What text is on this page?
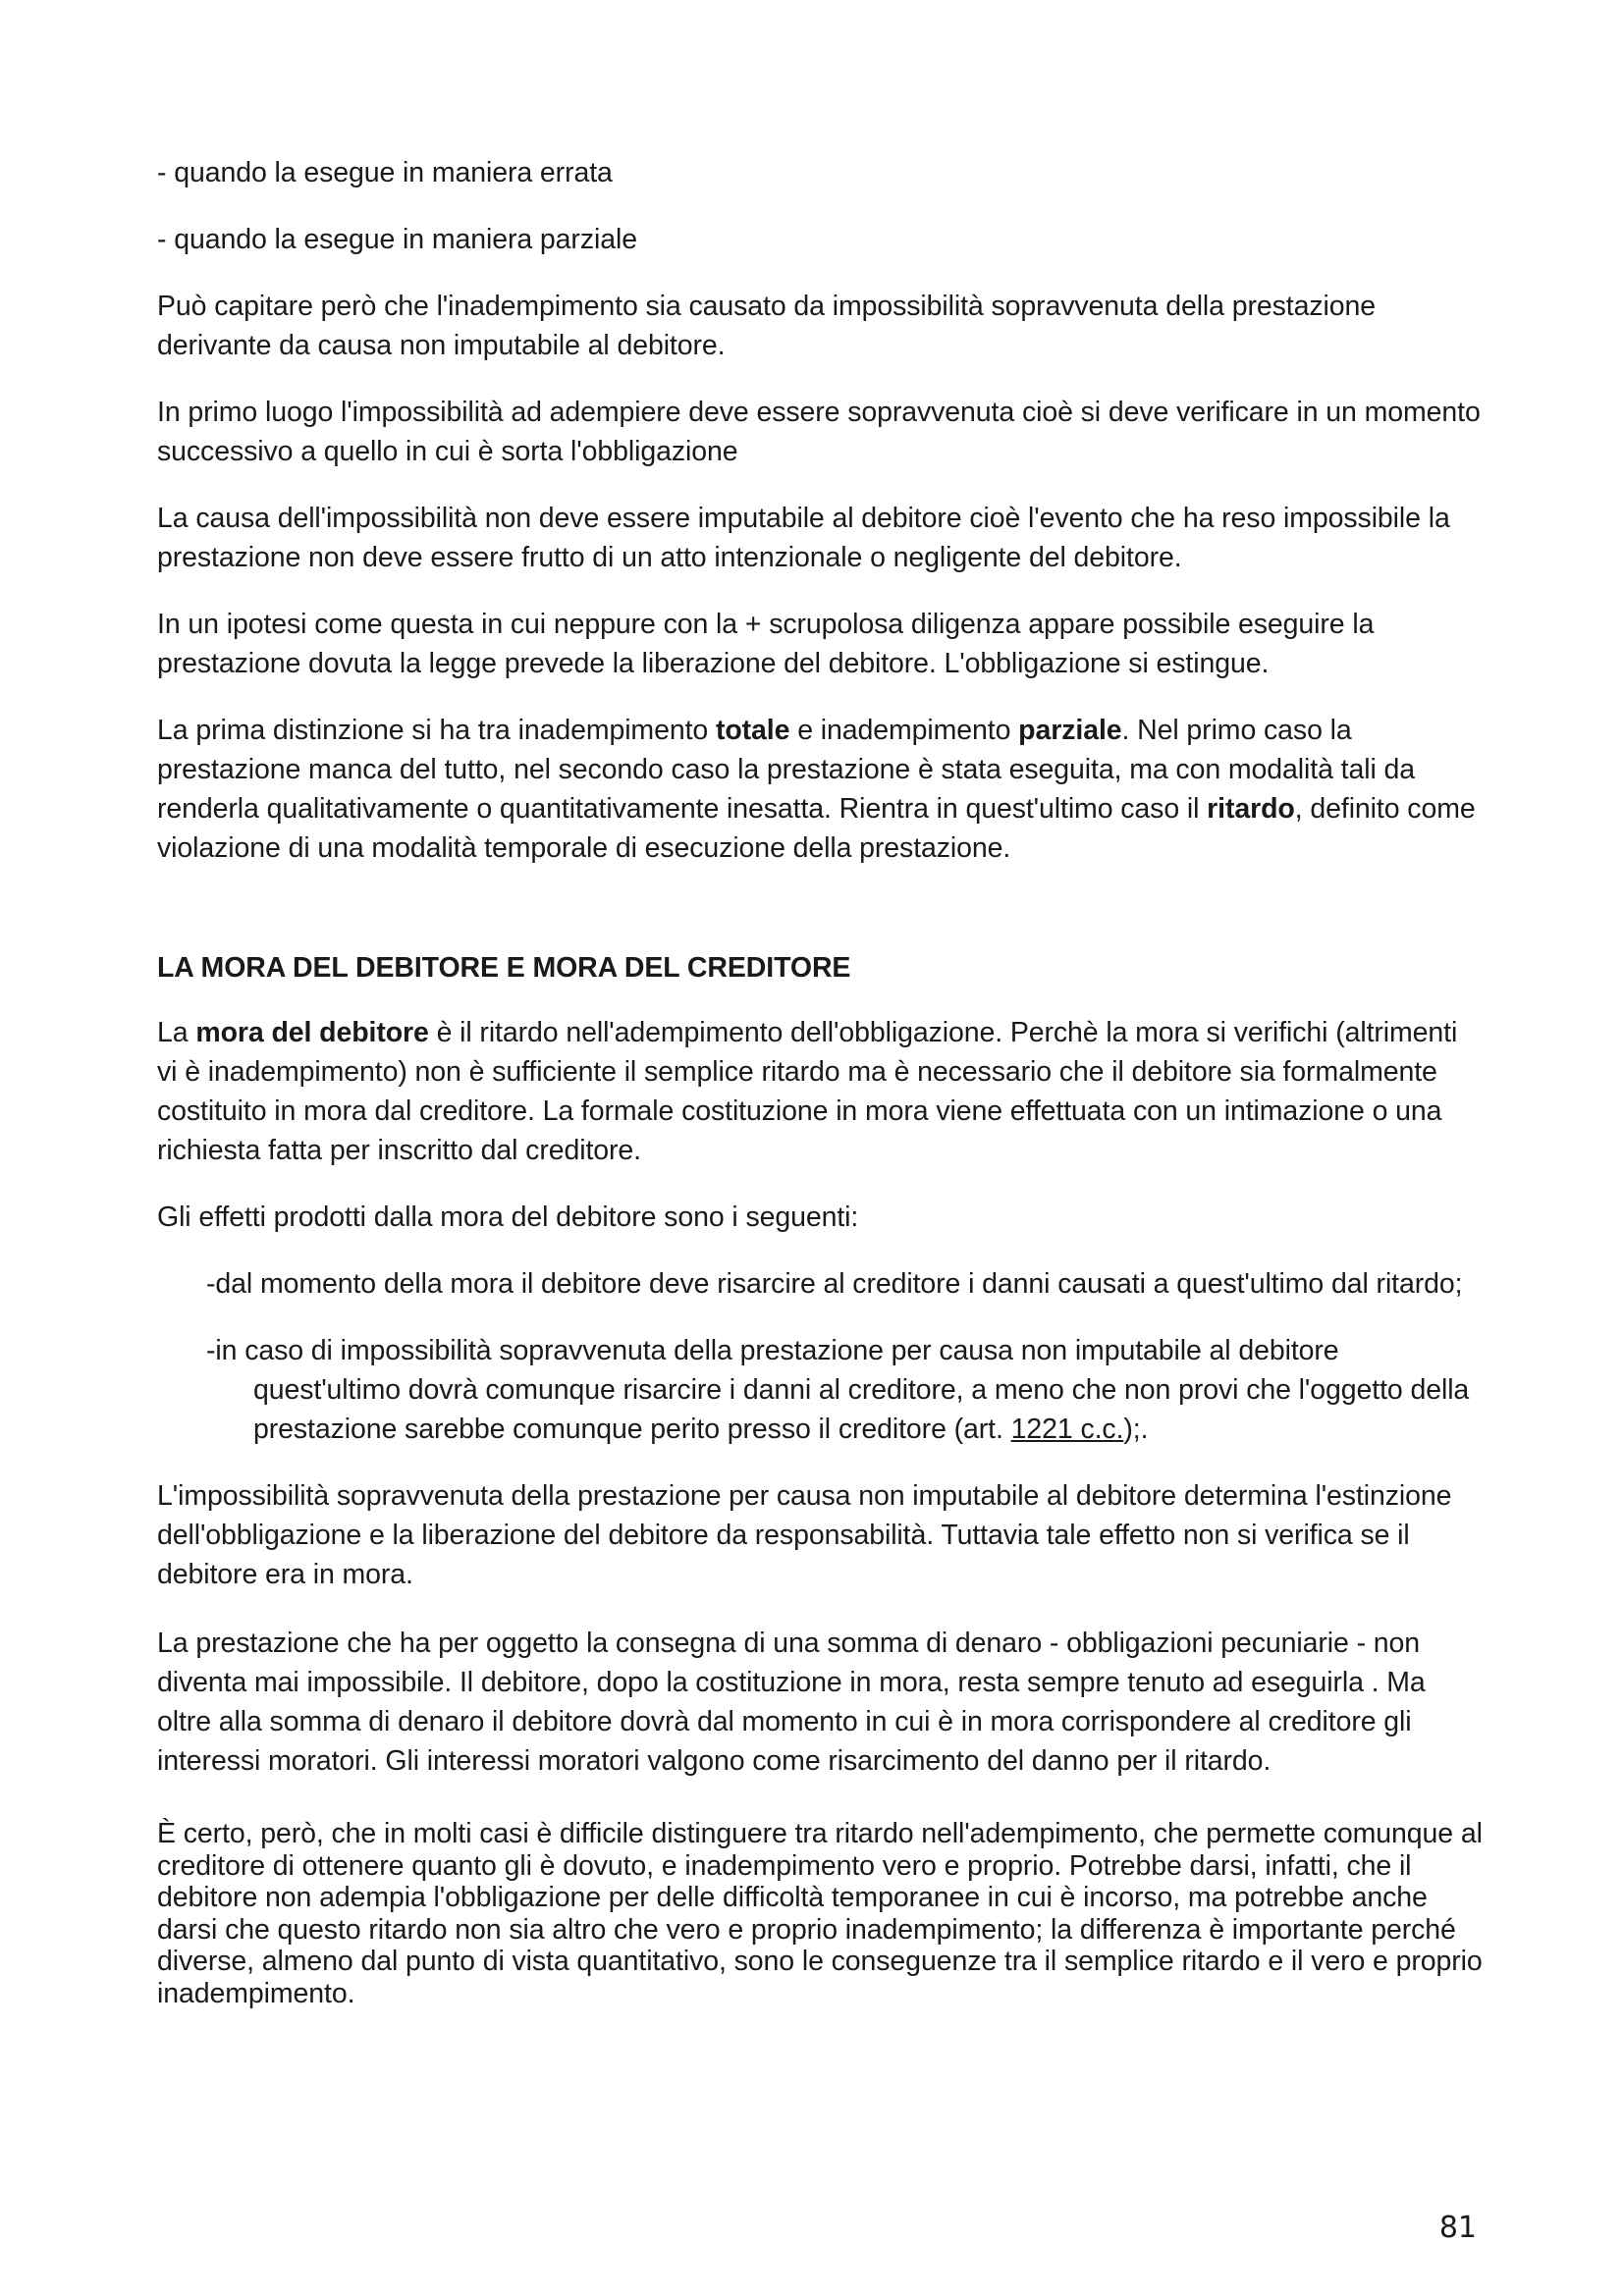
- quando la esegue in maniera errata

- quando la esegue in maniera parziale

Può capitare però che l'inadempimento sia causato da impossibilità sopravvenuta della prestazione derivante da causa non imputabile al debitore.

In primo luogo l'impossibilità ad adempiere deve essere sopravvenuta cioè si deve verificare in un momento successivo a quello in cui è sorta l'obbligazione

La causa dell'impossibilità non deve essere imputabile al debitore cioè l'evento che ha reso impossibile la prestazione non deve essere frutto di un atto intenzionale o negligente del debitore.

In un ipotesi come questa in cui neppure con la + scrupolosa diligenza appare possibile eseguire la prestazione dovuta la legge prevede la liberazione del debitore. L'obbligazione si estingue.

La prima distinzione si ha tra inadempimento totale e inadempimento parziale. Nel primo caso la prestazione manca del tutto, nel secondo caso la prestazione è stata eseguita, ma con modalità tali da renderla qualitativamente o quantitativamente inesatta. Rientra in quest'ultimo caso il ritardo, definito come violazione di una modalità temporale di esecuzione della prestazione.

LA MORA DEL DEBITORE E MORA DEL CREDITORE

La mora del debitore è il ritardo nell'adempimento dell'obbligazione. Perchè la mora si verifichi (altrimenti vi è inadempimento) non è sufficiente il semplice ritardo ma è necessario che il debitore sia formalmente costituito in mora dal creditore. La formale costituzione in mora viene effettuata con un intimazione o una richiesta fatta per inscritto dal creditore.

Gli effetti prodotti dalla mora del debitore sono i seguenti:

-dal momento della mora il debitore deve risarcire al creditore i danni causati a quest'ultimo dal ritardo;

-in caso di impossibilità sopravvenuta della prestazione per causa non imputabile al debitore quest'ultimo dovrà comunque risarcire i danni al creditore, a meno che non provi che l'oggetto della prestazione sarebbe comunque perito presso il creditore (art. 1221 c.c.);.

L'impossibilità sopravvenuta della prestazione per causa non imputabile al debitore determina l'estinzione dell'obbligazione e la liberazione del debitore da responsabilità. Tuttavia tale effetto non si verifica se il debitore era in mora.

La prestazione che ha per oggetto la consegna di una somma di denaro - obbligazioni pecuniarie - non diventa mai impossibile. Il debitore, dopo la costituzione in mora, resta sempre tenuto ad eseguirla . Ma oltre alla somma di denaro il debitore dovrà dal momento in cui è in mora corrispondere al creditore gli interessi moratori. Gli interessi moratori valgono come risarcimento del danno per il ritardo.

È certo, però, che in molti casi è difficile distinguere tra ritardo nell'adempimento, che permette comunque al creditore di ottenere quanto gli è dovuto, e inadempimento vero e proprio. Potrebbe darsi, infatti, che il debitore non adempia l'obbligazione per delle difficoltà temporanee in cui è incorso, ma potrebbe anche darsi che questo ritardo non sia altro che vero e proprio inadempimento; la differenza è importante perché diverse, almeno dal punto di vista quantitativo, sono le conseguenze tra il semplice ritardo e il vero e proprio inadempimento.

81
